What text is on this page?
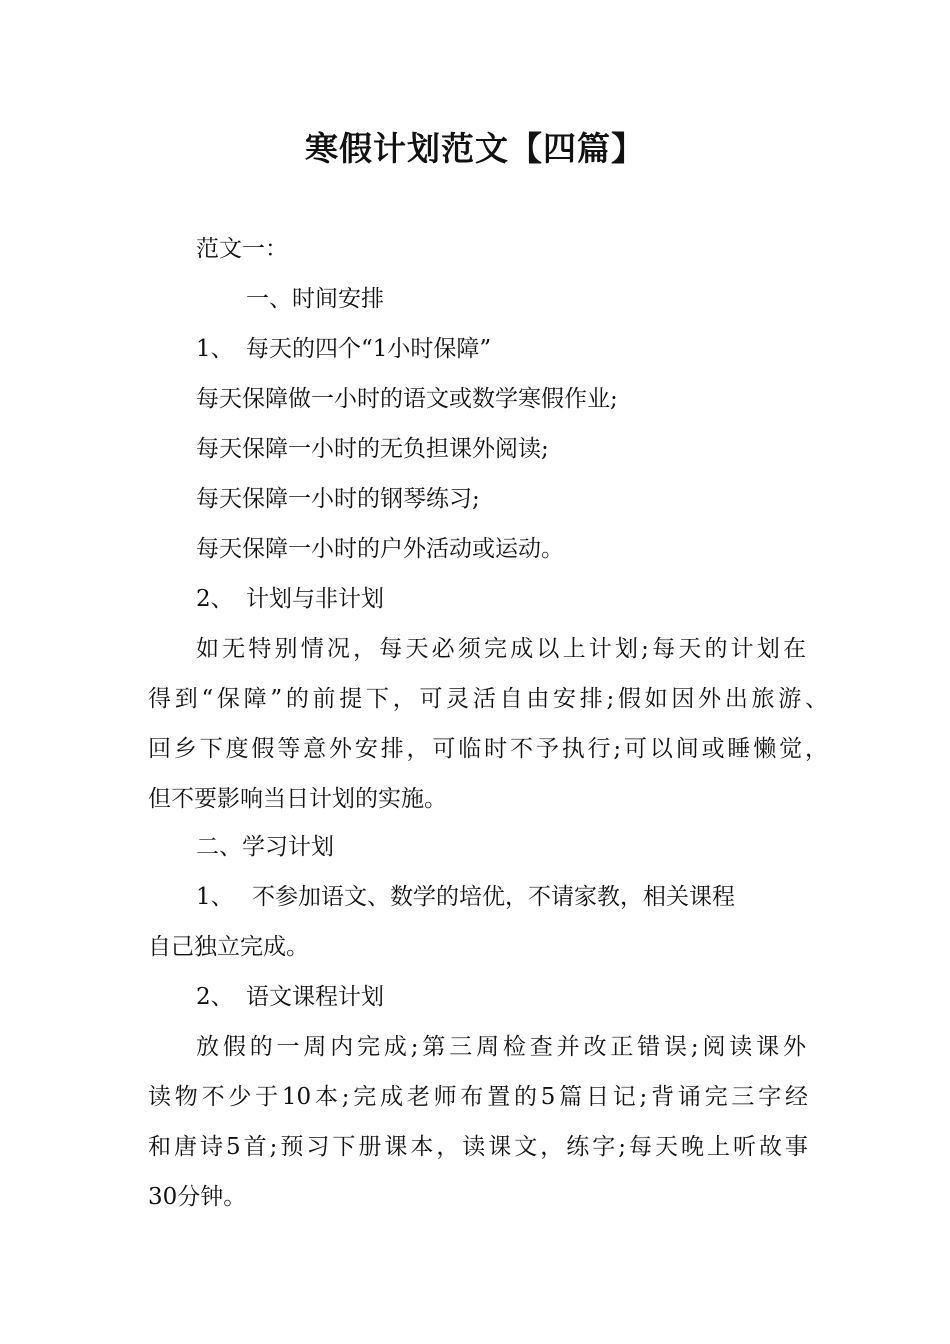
寒假计划范文【四篇】
范文一：
一、时间安排
1、 每天的四个“1小时保障”
每天保障做一小时的语文或数学寒假作业;
每天保障一小时的无负担课外阅读;
每天保障一小时的钢琴练习;
每天保障一小时的户外活动或运动。
2、 计划与非计划
如无特别情况，每天必须完成以上计划;每天的计划在
得到“保障”的前提下，可灵活自由安排;假如因外出旅游、
回乡下度假等意外安排，可临时不予执行;可以间或睡懒觉，
但不要影响当日计划的实施。
二、学习计划
1、 不参加语文、数学的培优，不请家教，相关课程
自己独立完成。
2、 语文课程计划
放假的一周内完成;第三周检查并改正错误;阅读课外
读物不少于10本;完成老师布置的5篇日记;背诵完三字经
和唐诗5首;预习下册课本，读课文，练字;每天晚上听故事
30分钟。
